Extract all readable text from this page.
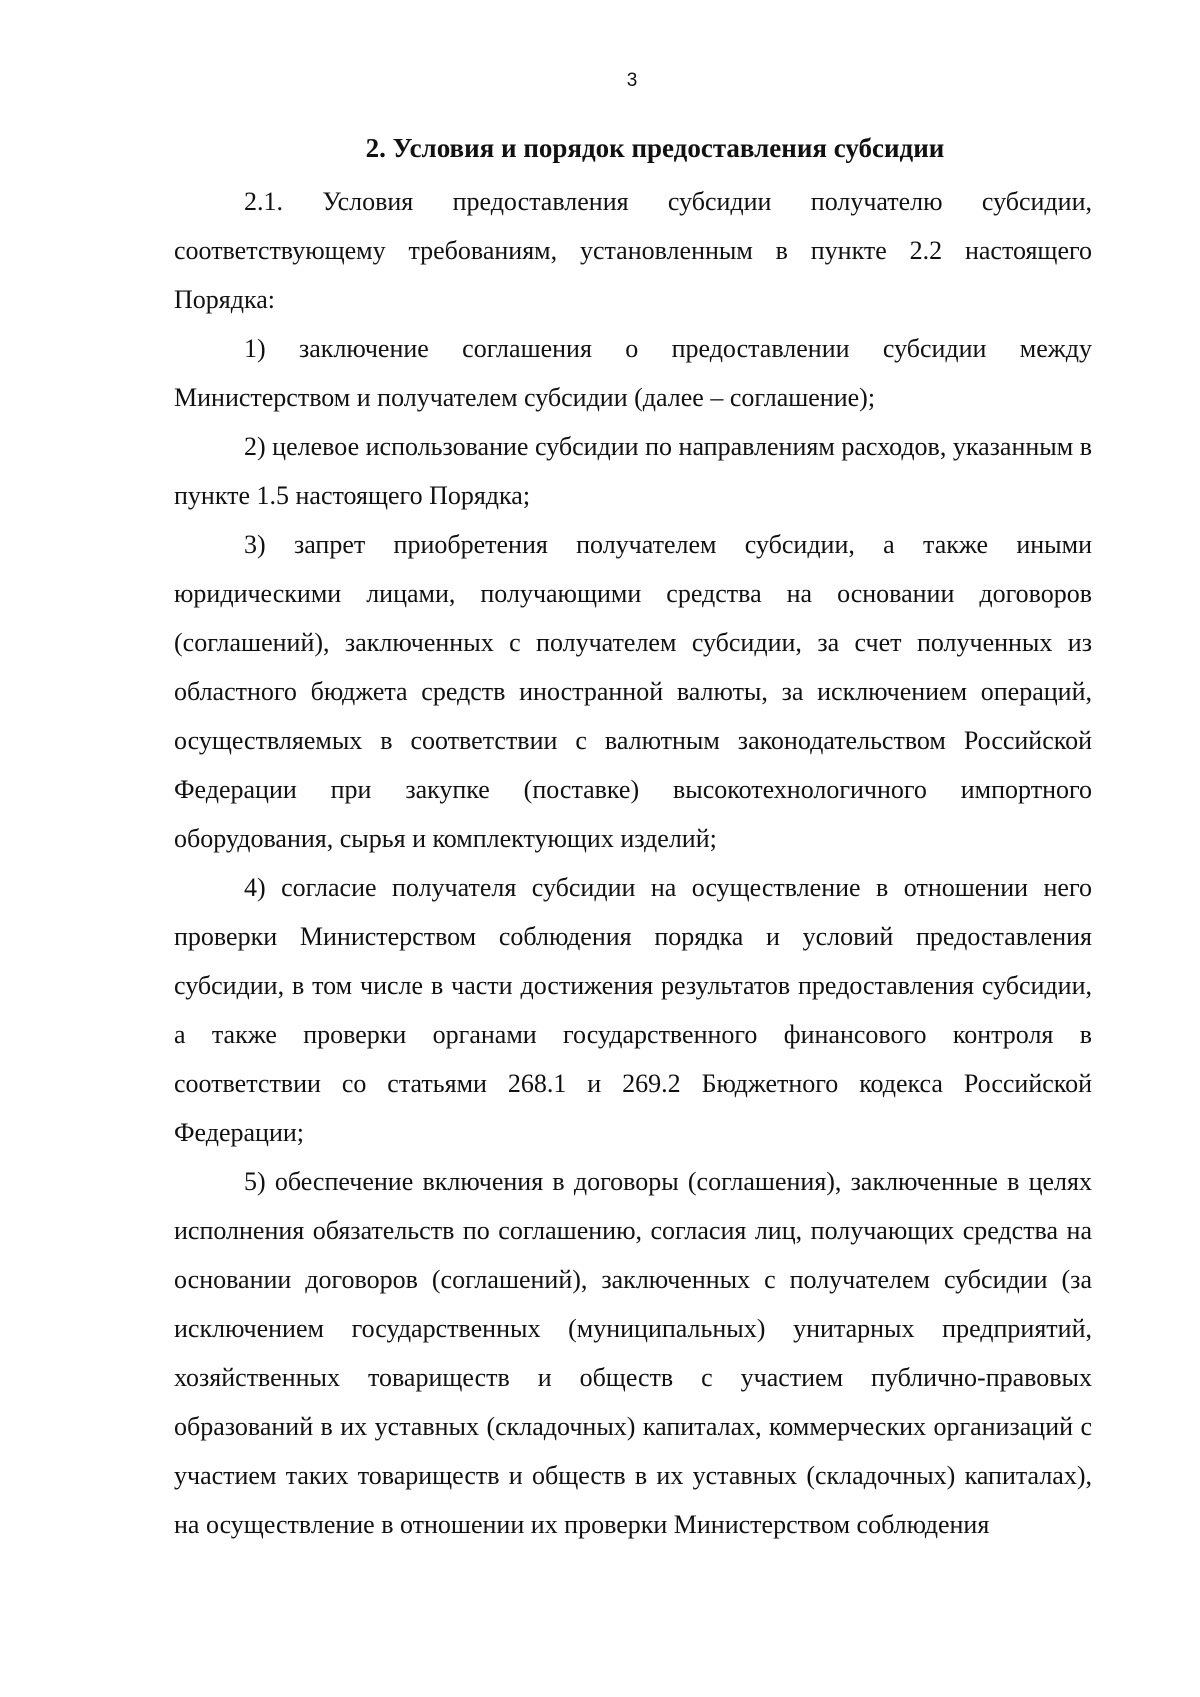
3
2. Условия и порядок предоставления субсидии

2.1. Условия предоставления субсидии получателю субсидии, соответствующему требованиям, установленным в пункте 2.2 настоящего Порядка:

1) заключение соглашения о предоставлении субсидии между Министерством и получателем субсидии (далее – соглашение);

2) целевое использование субсидии по направлениям расходов, указанным в пункте 1.5 настоящего Порядка;

3) запрет приобретения получателем субсидии, а также иными юридическими лицами, получающими средства на основании договоров (соглашений), заключенных с получателем субсидии, за счет полученных из областного бюджета средств иностранной валюты, за исключением операций, осуществляемых в соответствии с валютным законодательством Российской Федерации при закупке (поставке) высокотехнологичного импортного оборудования, сырья и комплектующих изделий;

4) согласие получателя субсидии на осуществление в отношении него проверки Министерством соблюдения порядка и условий предоставления субсидии, в том числе в части достижения результатов предоставления субсидии, а также проверки органами государственного финансового контроля в соответствии со статьями 268.1 и 269.2 Бюджетного кодекса Российской Федерации;

5) обеспечение включения в договоры (соглашения), заключенные в целях исполнения обязательств по соглашению, согласия лиц, получающих средства на основании договоров (соглашений), заключенных с получателем субсидии (за исключением государственных (муниципальных) унитарных предприятий, хозяйственных товариществ и обществ с участием публично-правовых образований в их уставных (складочных) капиталах, коммерческих организаций с участием таких товариществ и обществ в их уставных (складочных) капиталах), на осуществление в отношении их проверки Министерством соблюдения
